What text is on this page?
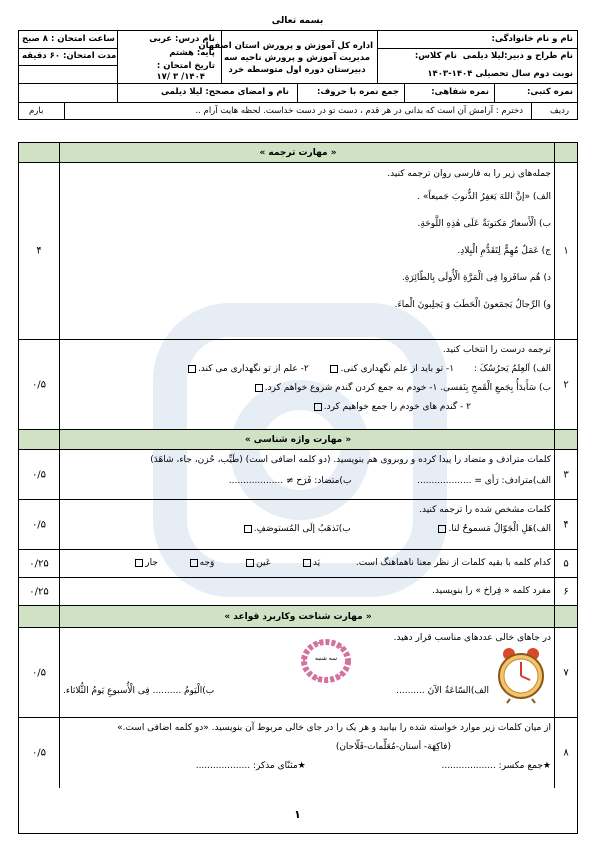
بسمه تعالی
نام و نام خانوادگی:
نام طراح و دبیر:لیلا دیلمی
نام کلاس:
نوبت دوم سال تحصیلی ۱۴۰۴-۱۴۰۳
اداره کل آموزش و پرورش استان اصفهان
مدیریت آموزش و پرورش ناحیه سه
دبیرستان دوره اول متوسطه خرد
نام درس: عربی
پایه: هشتم
تاریخ امتحان :
۱۴۰۴/ ۳ /۱۷
ساعت امتحان : ۸ صبح
مدت امتحان: ۶۰ دقیقه
نمره کتبی:
نمره شفاهی:
جمع نمره با حروف:
نام و امضای مصحح: لیلا دیلمی
ردیف
دخترم : آرامش آن است که بدانی در هر قدم ، دست تو در دست خداست. لحظه هایت آرام ..
بارم
« مهارت ترجمه »
۱
۴
جمله‌های زیر را به فارسی روان ترجمه کنید.
الف) «إنَّ اللهَ یَغفِرُ الذُّنوبَ جَمیعاً» .
ب) الْأَسعارُ مَکتوبَةٌ عَلَی هٰذِهِ اللَّوحَةِ.
ج) عَمَلٌ مُهِمٌّ لِتَقَدُّمِ الْبِلادِ.
د) هُم سافَروا فِی الْمَرَّةِ الْأُولَی بِالطّائِرَةِ.
و) الرِّجالُ یَجمَعونَ الْحَطَبَ وَ یَجلِبونَ الْماءَ.
۲
۰/۵
ترجمه درست را انتخاب کنید.
الف) اَلعِلمُ یَحرُسُکَ :  ۱- تو باید از علم نگهداری کنی.  ۲- علم از تو نگهداری می کند.
ب) سَأَبدَأُ بِجَمعِ الْقَمحِ بِنَفسی. ۱- خودم به جمع کردن گندم شروع خواهم کرد.
۲ - گندم های خودم را جمع خواهیم کرد.
« مهارت واژه شناسی »
۳
۰/۵
کلمات مترادف و متضاد را پیدا کرده و روبروی هم بنویسید. (دو کلمه اضافی است) (طَیِّب، حُزن، جاء، شاهَدَ)
الف)مترادف: رَأی = ...................  ب)متضاد: فَرَح ≠ ...................
۴
۰/۵
کلمات مشخص شده را ترجمه کنید.
الف)هَلِ الْجَوّالُ مَسموحٌ لنا.  ب)نَذهَبُ إلَی المُستوصَفِ.
۵
۰/۲۵	کدام کلمه با بقیه کلمات از نظر معنا ناهماهنگ است.  یَد  عَین  وَجه  جار
۶
۰/۲۵	مفرد کلمه « فِراخ » را بنویسید.
« مهارت شناخت وکاربرد قواعد »
۷
۰/۵
در جاهای خالی عددهای مناسب قرار دهید.
الف)السّاعَةُ الآنَ ..........
سه شنبه
ب)الْیَومُ .......... فِی الْأُسبوعِ یَومُ الثُّلاثاء.
۸
۰/۵
از میان کلمات زیر موارد خواسته شده را بیابید و هر یک را در جای خالی مربوط آن بنویسید. «دو کلمه اضافی است.»
(فاکِهَة- أسنان-مُعَلِّمات-فَلّاحان)
★جمع مکسر: ...................  ★مثنّای مذکر: ...................
۱
